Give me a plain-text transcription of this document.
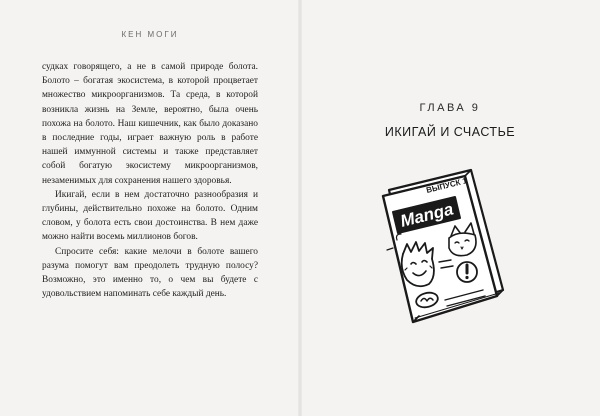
КЕН МОГИ

судках говорящего, а не в самой природе болота. Болото – богатая экосистема, в которой процветает множество микроорганизмов. Та среда, в которой возникла жизнь на Земле, вероятно, была очень похожа на болото. Наш кишечник, как было доказано в последние годы, играет важную роль в работе нашей иммунной системы и также представляет собой богатую экосистему микроорганизмов, незаменимых для сохранения нашего здоровья.

Икигай, если в нем достаточно разнообразия и глубины, действительно похоже на болото. Одним словом, у болота есть свои достоинства. В нем даже можно найти восемь миллионов богов.

Спросите себя: какие мелочи в болоте вашего разума помогут вам преодолеть трудную полосу? Возможно, это именно то, о чем вы будете с удовольствием напоминать себе каждый день.

ГЛАВА 9
ИКИГАЙ И СЧАСТЬЕ
ВЫПУСК 1
Manga
